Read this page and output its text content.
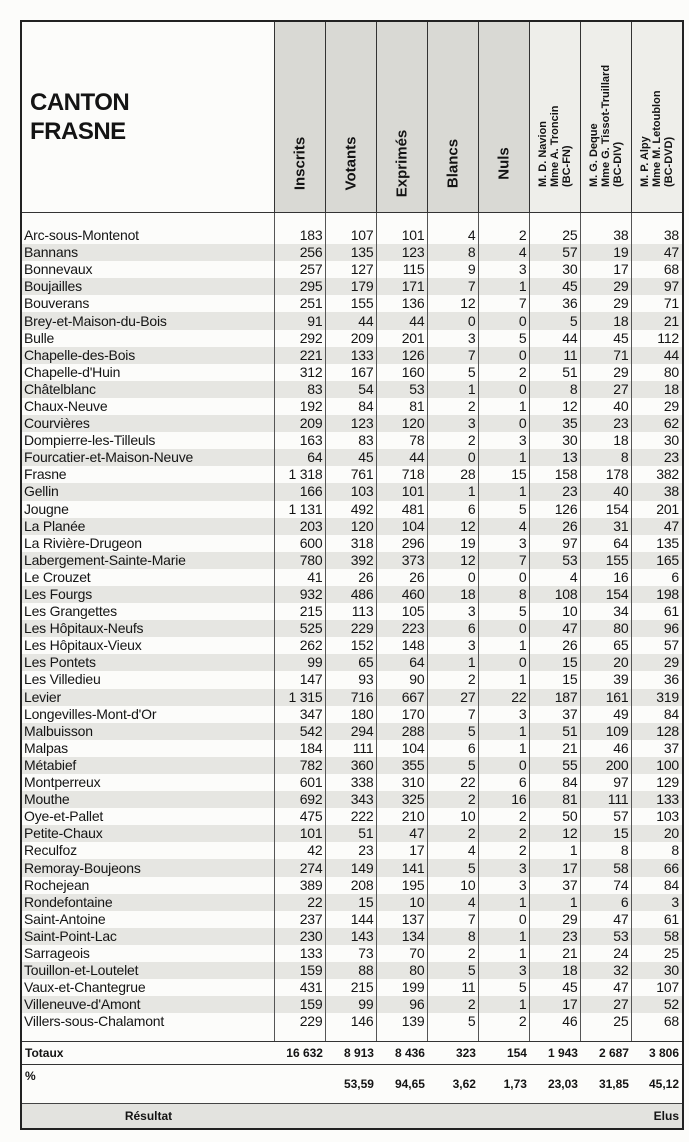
CANTON
FRASNE	Inscrits	Votants	Exprimés	Blancs	Nuls	M. D. Navion Mme A. Troncin (BC-FN)	M. G. Deque Mme G. Tissot-Truillard (BC-DIV)	M. P. Alpy Mme M. Letoublon (BC-DVD)

Arc-sous-Montenot	183	107	101	4	2	25	38	38
Bannans	256	135	123	8	4	57	19	47
Bonnevaux	257	127	115	9	3	30	17	68
Boujailles	295	179	171	7	1	45	29	97
Bouverans	251	155	136	12	7	36	29	71
Brey-et-Maison-du-Bois	91	44	44	0	0	5	18	21
Bulle	292	209	201	3	5	44	45	112
Chapelle-des-Bois	221	133	126	7	0	11	71	44
Chapelle-d'Huin	312	167	160	5	2	51	29	80
Châtelblanc	83	54	53	1	0	8	27	18
Chaux-Neuve	192	84	81	2	1	12	40	29
Courvières	209	123	120	3	0	35	23	62
Dompierre-les-Tilleuls	163	83	78	2	3	30	18	30
Fourcatier-et-Maison-Neuve	64	45	44	0	1	13	8	23
Frasne	1 318	761	718	28	15	158	178	382
Gellin	166	103	101	1	1	23	40	38
Jougne	1 131	492	481	6	5	126	154	201
La Planée	203	120	104	12	4	26	31	47
La Rivière-Drugeon	600	318	296	19	3	97	64	135
Labergement-Sainte-Marie	780	392	373	12	7	53	155	165
Le Crouzet	41	26	26	0	0	4	16	6
Les Fourgs	932	486	460	18	8	108	154	198
Les Grangettes	215	113	105	3	5	10	34	61
Les Hôpitaux-Neufs	525	229	223	6	0	47	80	96
Les Hôpitaux-Vieux	262	152	148	3	1	26	65	57
Les Pontets	99	65	64	1	0	15	20	29
Les Villedieu	147	93	90	2	1	15	39	36
Levier	1 315	716	667	27	22	187	161	319
Longevilles-Mont-d'Or	347	180	170	7	3	37	49	84
Malbuisson	542	294	288	5	1	51	109	128
Malpas	184	111	104	6	1	21	46	37
Métabief	782	360	355	5	0	55	200	100
Montperreux	601	338	310	22	6	84	97	129
Mouthe	692	343	325	2	16	81	111	133
Oye-et-Pallet	475	222	210	10	2	50	57	103
Petite-Chaux	101	51	47	2	2	12	15	20
Reculfoz	42	23	17	4	2	1	8	8
Remoray-Boujeons	274	149	141	5	3	17	58	66
Rochejean	389	208	195	10	3	37	74	84
Rondefontaine	22	15	10	4	1	1	6	3
Saint-Antoine	237	144	137	7	0	29	47	61
Saint-Point-Lac	230	143	134	8	1	23	53	58
Sarrageois	133	73	70	2	1	21	24	25
Touillon-et-Loutelet	159	88	80	5	3	18	32	30
Vaux-et-Chantegrue	431	215	199	11	5	45	47	107
Villeneuve-d'Amont	159	99	96	2	1	17	27	52
Villers-sous-Chalamont	229	146	139	5	2	46	25	68

Totaux	16 632	8 913	8 436	323	154	1 943	2 687	3 806
%		53,59	94,65	3,62	1,73	23,03	31,85	45,12
Résultat								Elus
